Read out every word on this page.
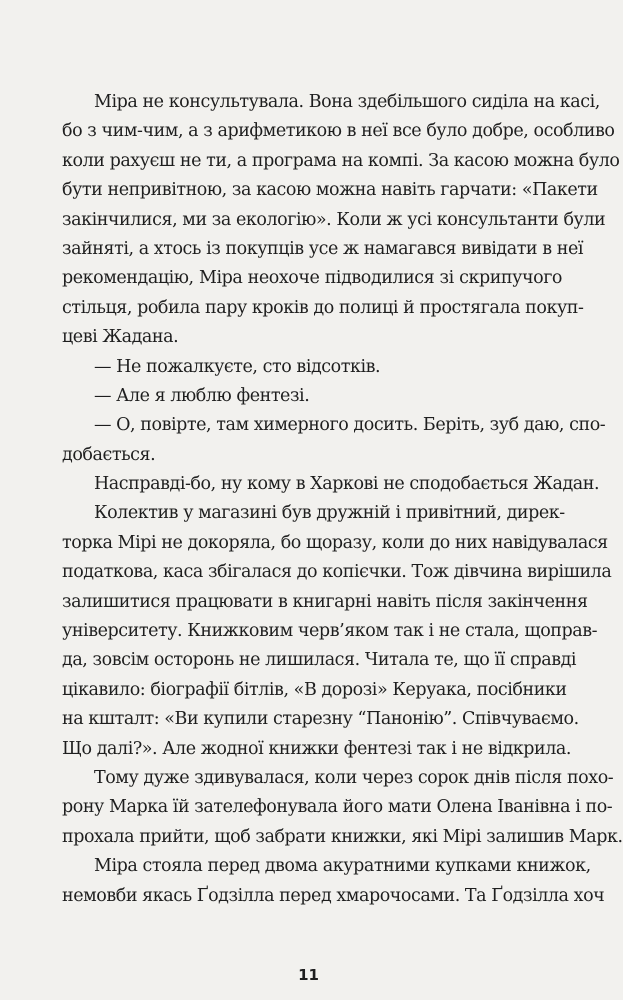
Міра не консультувала. Вона здебільшого сиділа на касі,
бо з чим-чим, а з арифметикою в неї все було добре, особливо
коли рахуєш не ти, а програма на компі. За касою можна було
бути непривітною, за касою можна навіть гарчати: «Пакети
закінчилися, ми за екологію». Коли ж усі консультанти були
зайняті, а хтось із покупців усе ж намагався вивідати в неї
рекомендацію, Міра неохоче підводилися зі скрипучого
стільця, робила пару кроків до полиці й простягала покуп-
цеві Жадана.
— Не пожалкуєте, сто відсотків.
— Але я люблю фентезі.
— О, повірте, там химерного досить. Беріть, зуб даю, спо-
добається.
Насправді-бо, ну кому в Харкові не сподобається Жадан.
Колектив у магазині був дружній і привітний, дирек-
торка Мірі не докоряла, бо щоразу, коли до них навідувалася
податкова, каса збігалася до копієчки. Тож дівчина вирішила
залишитися працювати в книгарні навіть після закінчення
університету. Книжковим черв’яком так і не стала, щоправ-
да, зовсім осторонь не лишилася. Читала те, що її справді
цікавило: біографії бітлів, «В дорозі» Керуака, посібники
на кшталт: «Ви купили старезну “Панонію”. Співчуваємо.
Що далі?». Але жодної книжки фентезі так і не відкрила.
Тому дуже здивувалася, коли через сорок днів після похо-
рону Марка їй зателефонувала його мати Олена Іванівна і по-
прохала прийти, щоб забрати книжки, які Мірі залишив Марк.
Міра стояла перед двома акуратними купками книжок,
немовби якась Ґодзілла перед хмарочосами. Та Ґодзілла хоч
11
